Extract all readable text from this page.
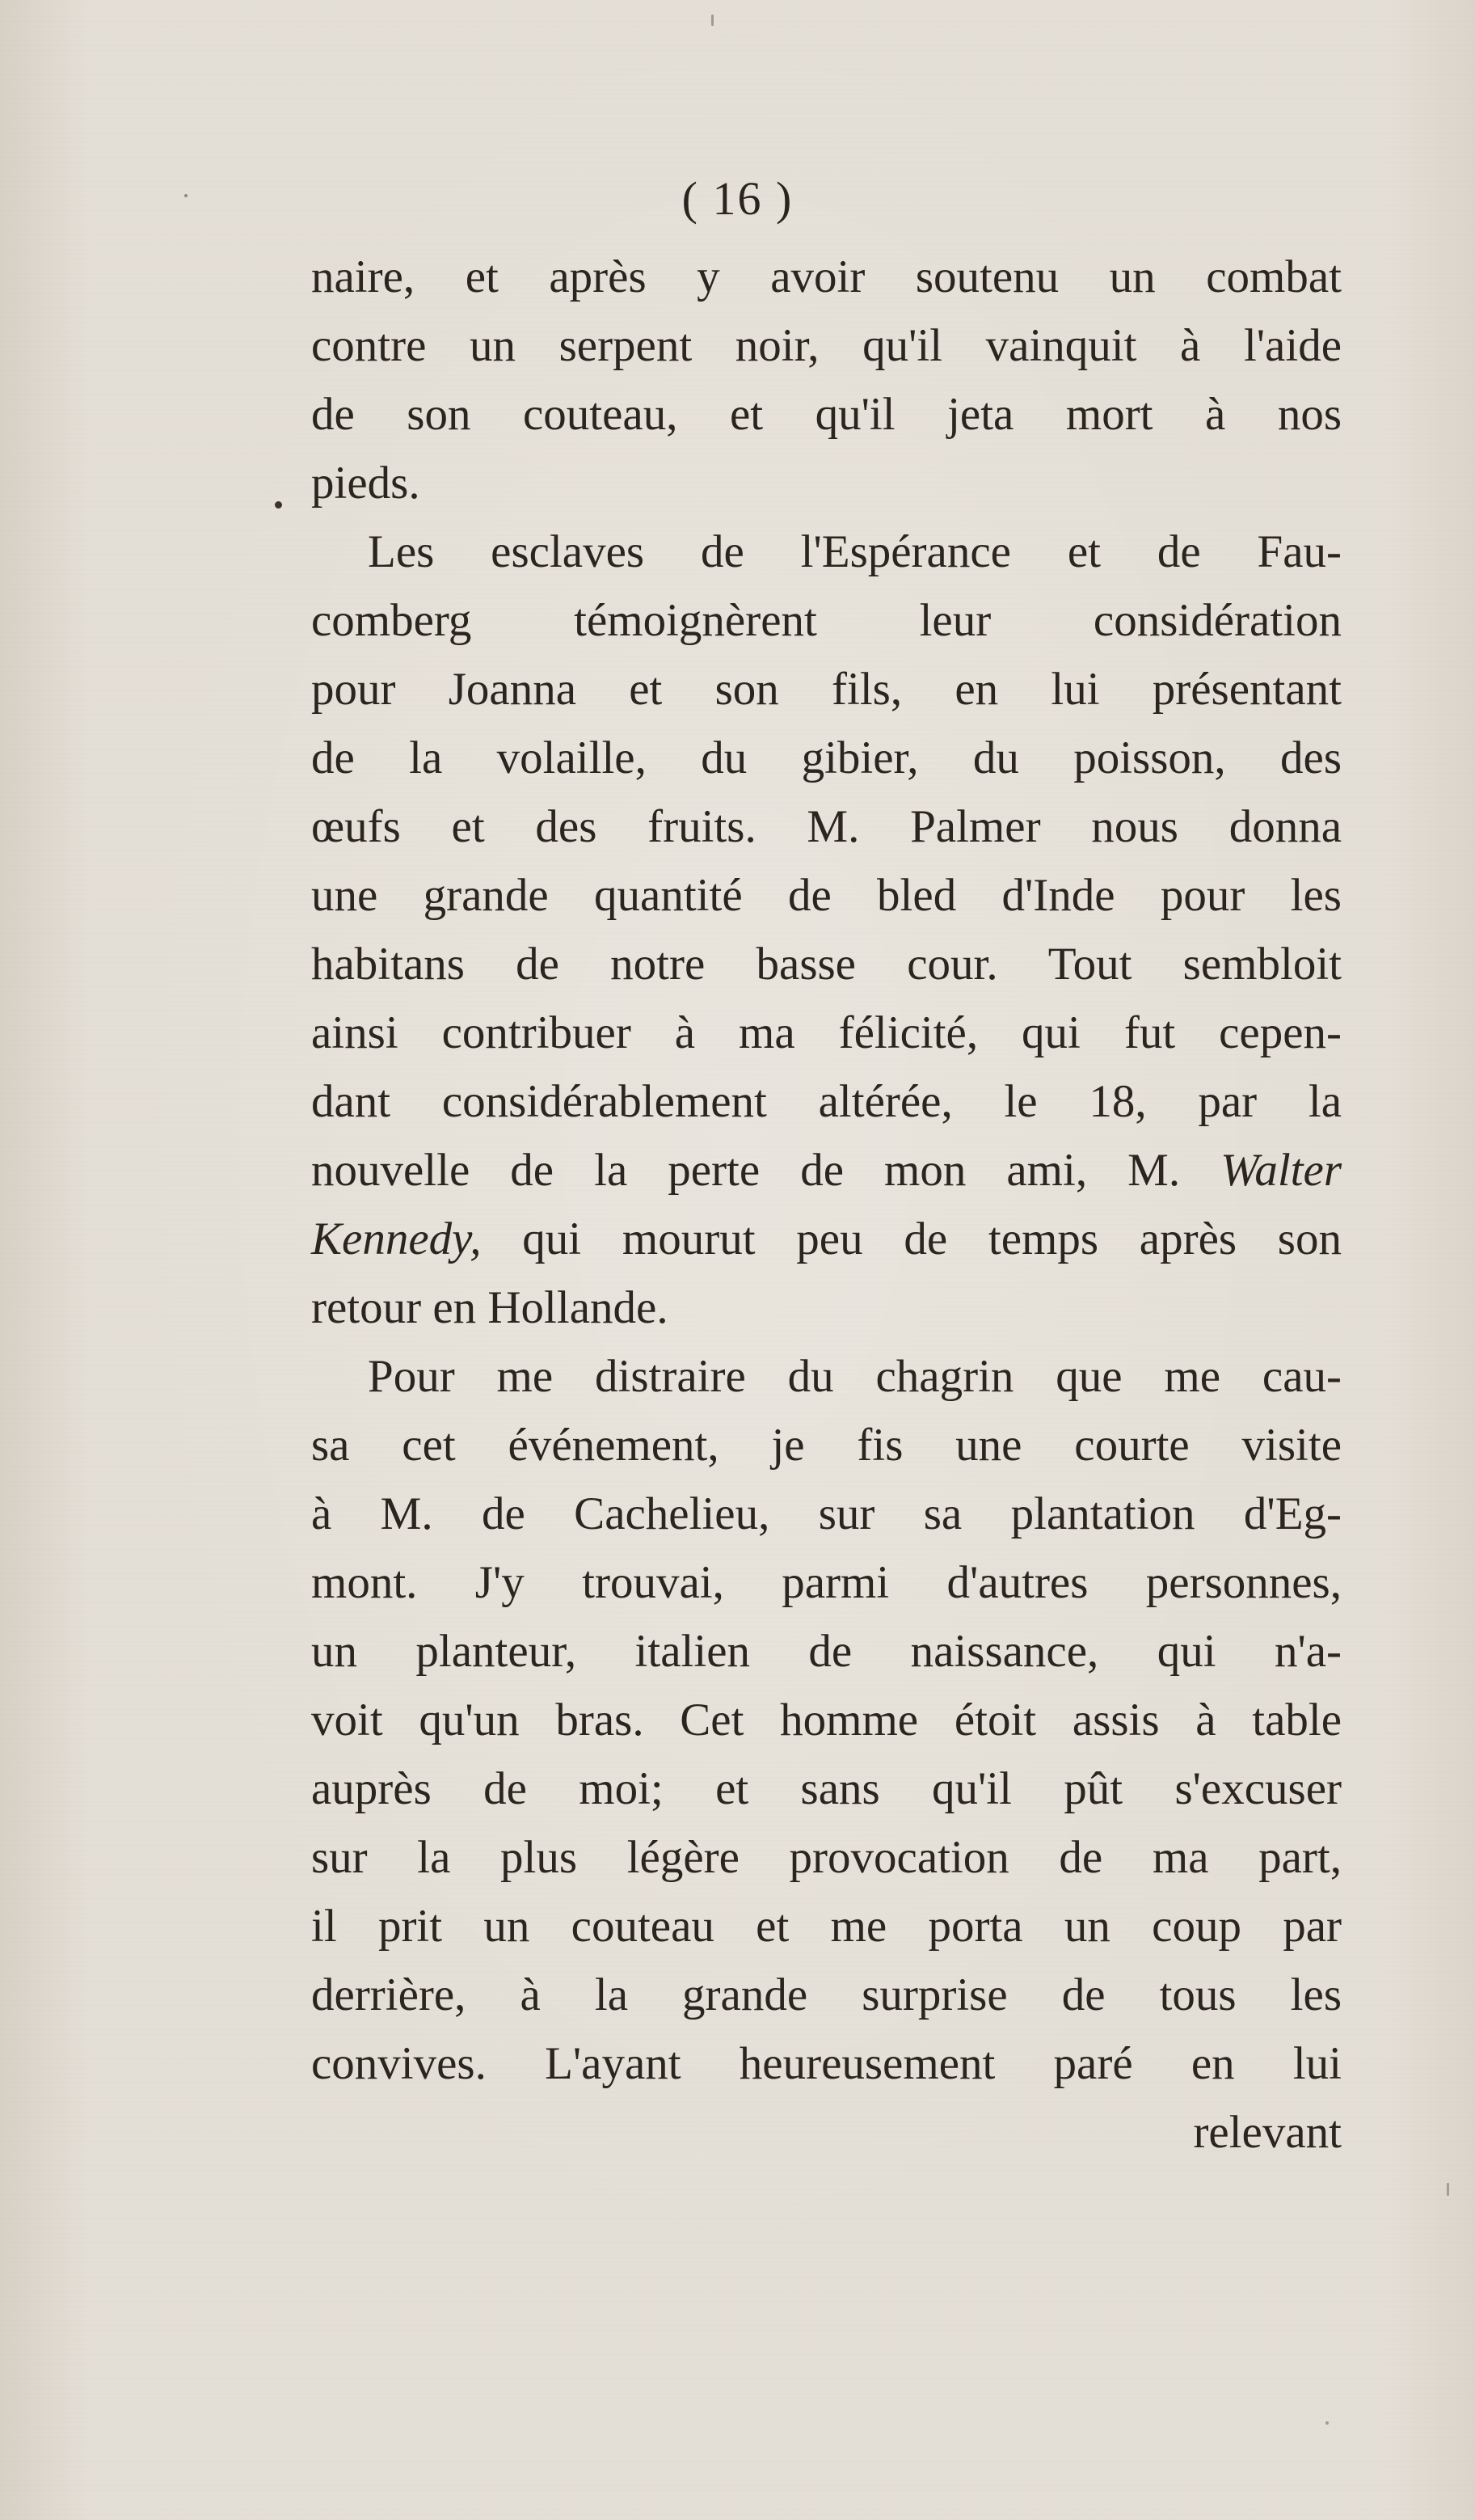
( 16 )
naire, et après y avoir soutenu un combat
contre un serpent noir, qu'il vainquit à l'aide
de son couteau, et qu'il jeta mort à nos
pieds.
Les esclaves de l'Espérance et de Fau-
comberg témoignèrent leur considération
pour Joanna et son fils, en lui présentant
de la volaille, du gibier, du poisson, des
œufs et des fruits. M. Palmer nous donna
une grande quantité de bled d'Inde pour les
habitans de notre basse cour. Tout sembloit
ainsi contribuer à ma félicité, qui fut cepen-
dant considérablement altérée, le 18, par la
nouvelle de la perte de mon ami, M. Walter
Kennedy, qui mourut peu de temps après son
retour en Hollande.
Pour me distraire du chagrin que me cau-
sa cet événement, je fis une courte visite
à M. de Cachelieu, sur sa plantation d'Eg-
mont. J'y trouvai, parmi d'autres personnes,
un planteur, italien de naissance, qui n'a-
voit qu'un bras. Cet homme étoit assis à table
auprès de moi; et sans qu'il pût s'excuser
sur la plus légère provocation de ma part,
il prit un couteau et me porta un coup par
derrière, à la grande surprise de tous les
convives. L'ayant heureusement paré en lui
relevant
